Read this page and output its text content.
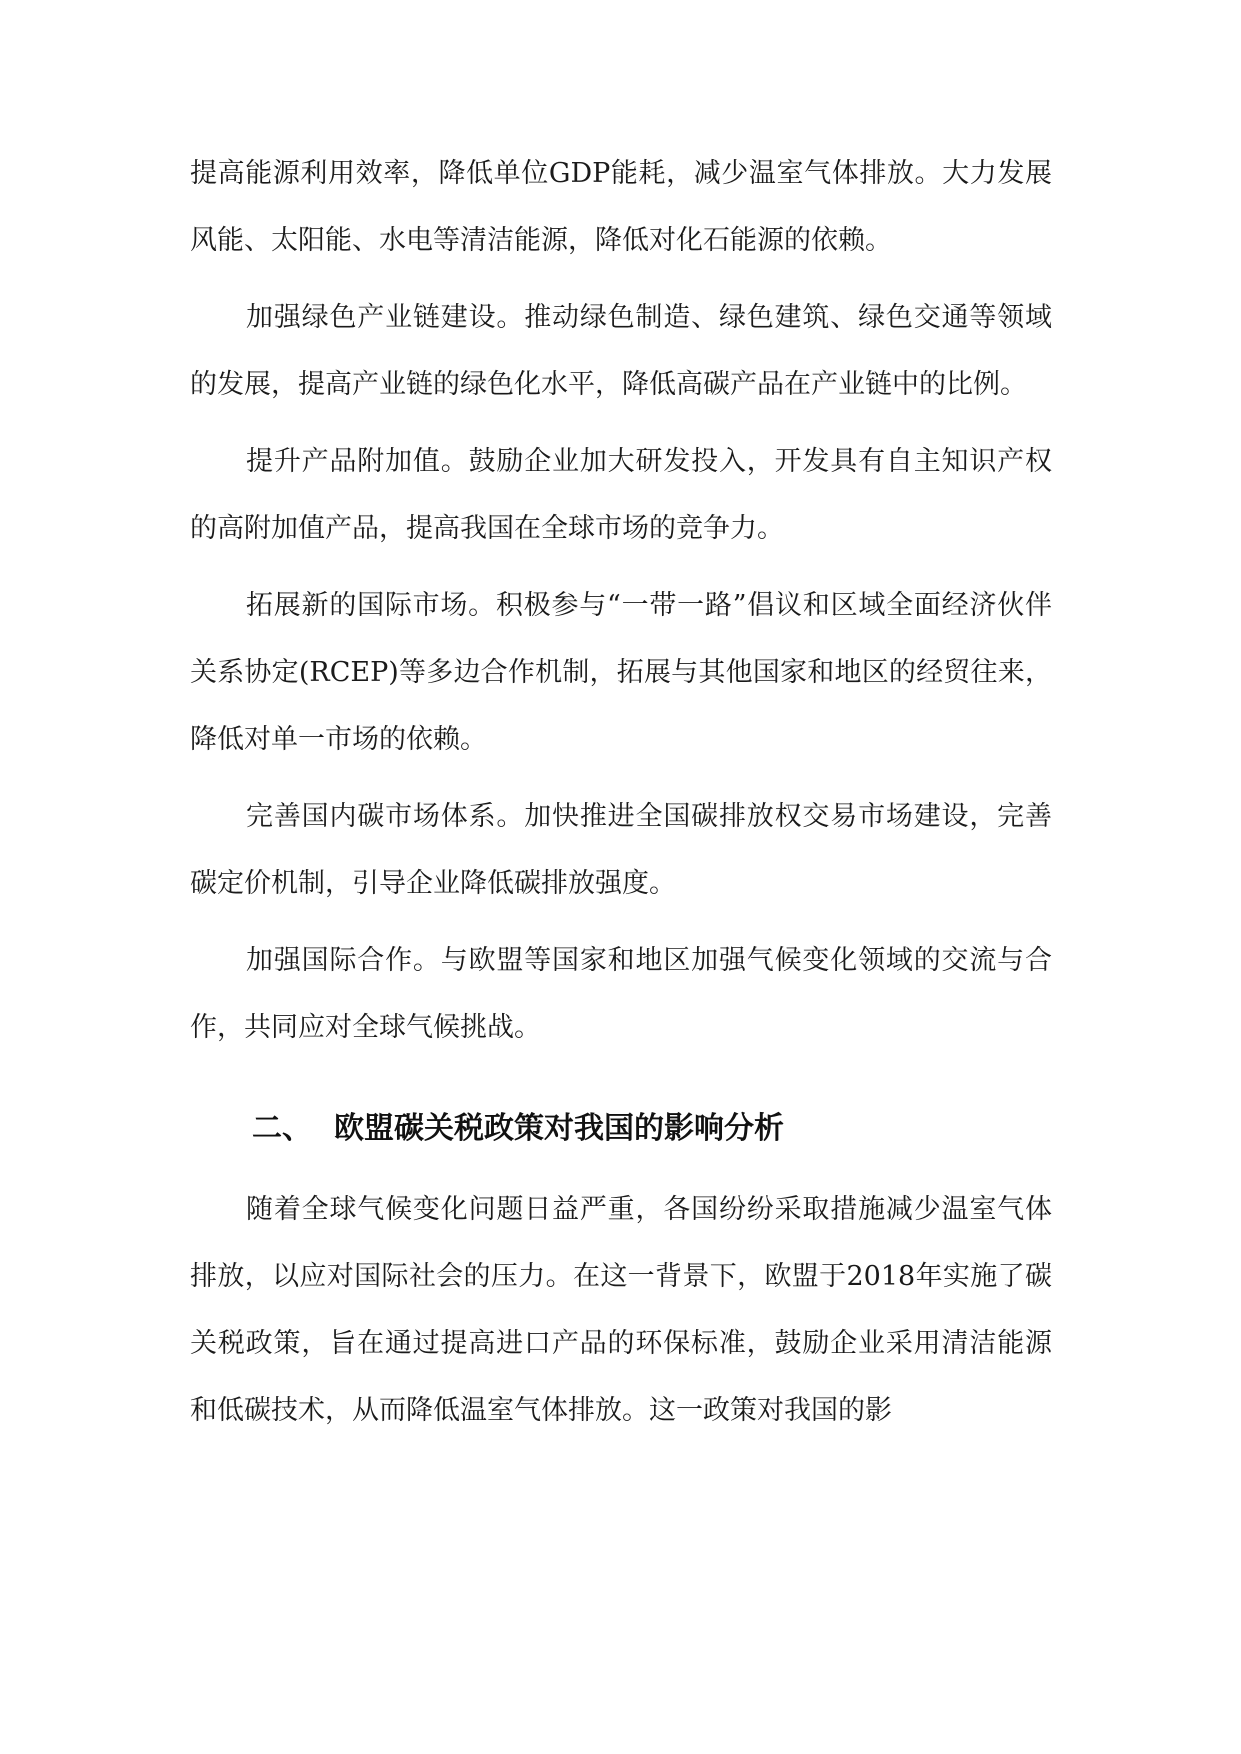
提高能源利用效率，降低单位GDP能耗，减少温室气体排放。大力发展风能、太阳能、水电等清洁能源，降低对化石能源的依赖。

加强绿色产业链建设。推动绿色制造、绿色建筑、绿色交通等领域的发展，提高产业链的绿色化水平，降低高碳产品在产业链中的比例。

提升产品附加值。鼓励企业加大研发投入，开发具有自主知识产权的高附加值产品，提高我国在全球市场的竞争力。

拓展新的国际市场。积极参与“一带一路”倡议和区域全面经济伙伴关系协定(RCEP)等多边合作机制，拓展与其他国家和地区的经贸往来，降低对单一市场的依赖。

完善国内碳市场体系。加快推进全国碳排放权交易市场建设，完善碳定价机制，引导企业降低碳排放强度。

加强国际合作。与欧盟等国家和地区加强气候变化领域的交流与合作，共同应对全球气候挑战。

二、 欧盟碳关税政策对我国的影响分析

随着全球气候变化问题日益严重，各国纷纷采取措施减少温室气体排放，以应对国际社会的压力。在这一背景下，欧盟于2018年实施了碳关税政策，旨在通过提高进口产品的环保标准，鼓励企业采用清洁能源和低碳技术，从而降低温室气体排放。这一政策对我国的影
